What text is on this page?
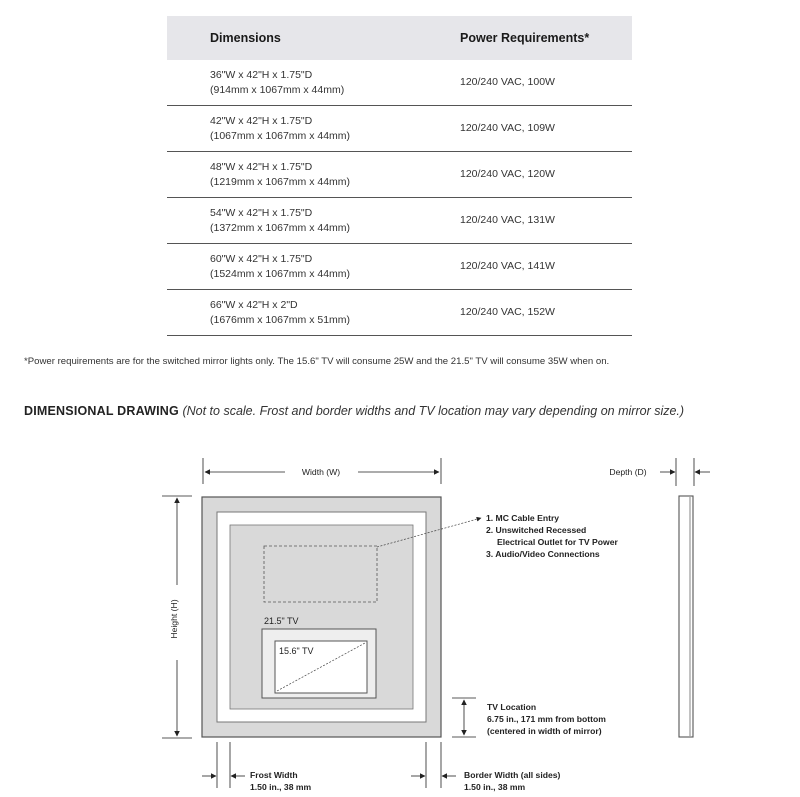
Dimensions	Power Requirements*
36"W x 42"H x 1.75"D
(914mm x 1067mm x 44mm)	120/240 VAC, 100W
42"W x 42"H x 1.75"D
(1067mm x 1067mm x 44mm)	120/240 VAC, 109W
48"W x 42"H x 1.75"D
(1219mm x 1067mm x 44mm)	120/240 VAC, 120W
54"W x 42"H x 1.75"D
(1372mm x 1067mm x 44mm)	120/240 VAC, 131W
60"W x 42"H x 1.75"D
(1524mm x 1067mm x 44mm)	120/240 VAC, 141W
66"W x 42"H x 2"D
(1676mm x 1067mm x 51mm)	120/240 VAC, 152W
*Power requirements are for the switched mirror lights only. The 15.6" TV will consume 25W and the 21.5" TV will consume 35W when on.
DIMENSIONAL DRAWING (Not to scale. Frost and border widths and TV location may vary depending on mirror size.)
Width (W)	Depth (D)
Height (H)	21.5" TV
15.6" TV
1. MC Cable Entry
2. Unswitched Recessed
Electrical Outlet for TV Power
3. Audio/Video Connections
TV Location
6.75 in., 171 mm from bottom
(centered in width of mirror)
Frost Width
1.50 in., 38 mm
Border Width (all sides)
1.50 in., 38 mm
